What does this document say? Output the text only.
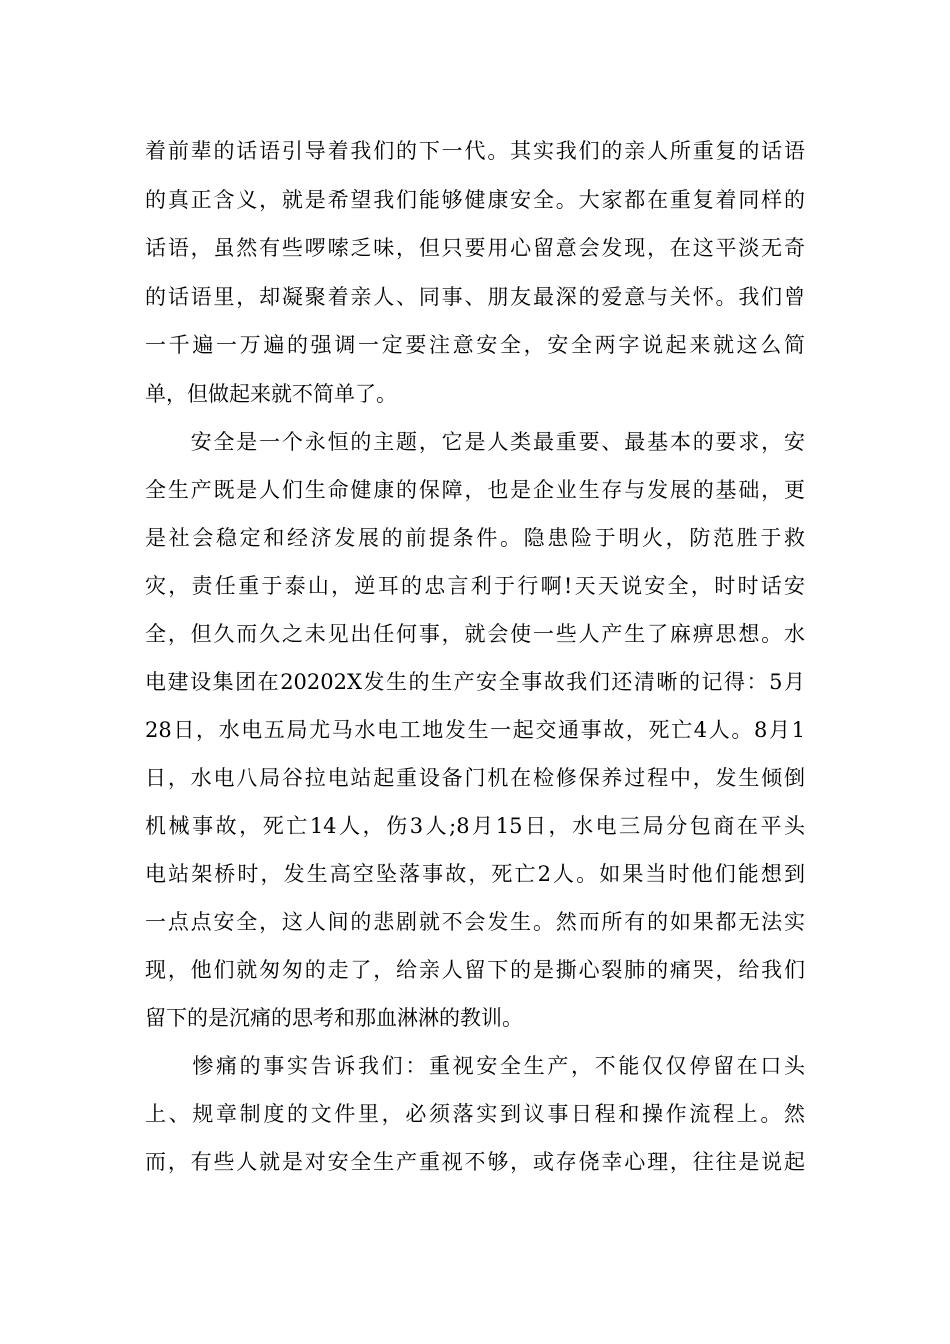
着前辈的话语引导着我们的下一代。其实我们的亲人所重复的话语
的真正含义，就是希望我们能够健康安全。大家都在重复着同样的
话语，虽然有些啰嗦乏味，但只要用心留意会发现，在这平淡无奇
的话语里，却凝聚着亲人、同事、朋友最深的爱意与关怀。我们曾
一千遍一万遍的强调一定要注意安全，安全两字说起来就这么简
单，但做起来就不简单了。
　　安全是一个永恒的主题，它是人类最重要、最基本的要求，安
全生产既是人们生命健康的保障，也是企业生存与发展的基础，更
是社会稳定和经济发展的前提条件。隐患险于明火，防范胜于救
灾，责任重于泰山，逆耳的忠言利于行啊!天天说安全，时时话安
全，但久而久之未见出任何事，就会使一些人产生了麻痹思想。水
电建设集团在20202X发生的生产安全事故我们还清晰的记得：5月
28日，水电五局尤马水电工地发生一起交通事故，死亡4人。8月1
日，水电八局谷拉电站起重设备门机在检修保养过程中，发生倾倒
机械事故，死亡14人，伤3人;8月15日，水电三局分包商在平头
电站架桥时，发生高空坠落事故，死亡2人。如果当时他们能想到
一点点安全，这人间的悲剧就不会发生。然而所有的如果都无法实
现，他们就匆匆的走了，给亲人留下的是撕心裂肺的痛哭，给我们
留下的是沉痛的思考和那血淋淋的教训。
　　惨痛的事实告诉我们：重视安全生产，不能仅仅停留在口头
上、规章制度的文件里，必须落实到议事日程和操作流程上。然
而，有些人就是对安全生产重视不够，或存侥幸心理，往往是说起
